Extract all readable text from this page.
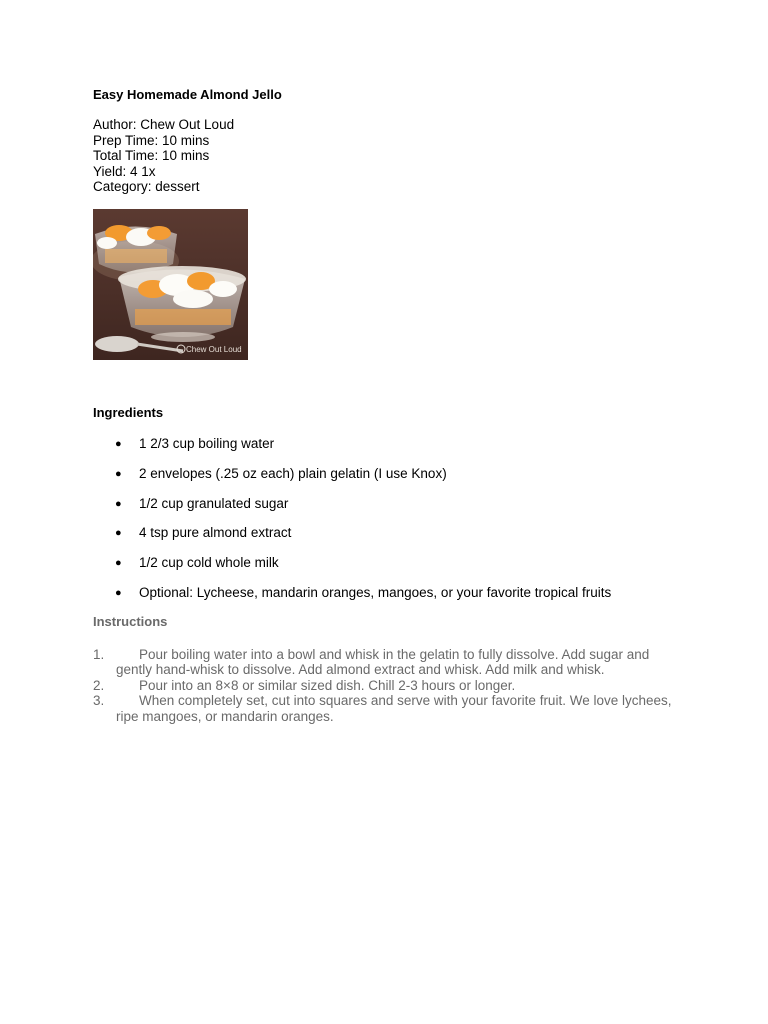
Easy Homemade Almond Jello
Author: Chew Out Loud
Prep Time: 10 mins
Total Time: 10 mins
Yield: 4 1x
Category: dessert
Chew Out Loud
Ingredients
● 1 2/3 cup boiling water
● 2 envelopes (.25 oz each) plain gelatin (I use Knox)
● 1/2 cup granulated sugar
● 4 tsp pure almond extract
● 1/2 cup cold whole milk
● Optional: Lycheese, mandarin oranges, mangoes, or your favorite tropical fruits
Instructions
1.	Pour boiling water into a bowl and whisk in the gelatin to fully dissolve. Add sugar and gently hand-whisk to dissolve. Add almond extract and whisk. Add milk and whisk.
2.	Pour into an 8×8 or similar sized dish. Chill 2-3 hours or longer.
3.	When completely set, cut into squares and serve with your favorite fruit. We love lychees, ripe mangoes, or mandarin oranges.
